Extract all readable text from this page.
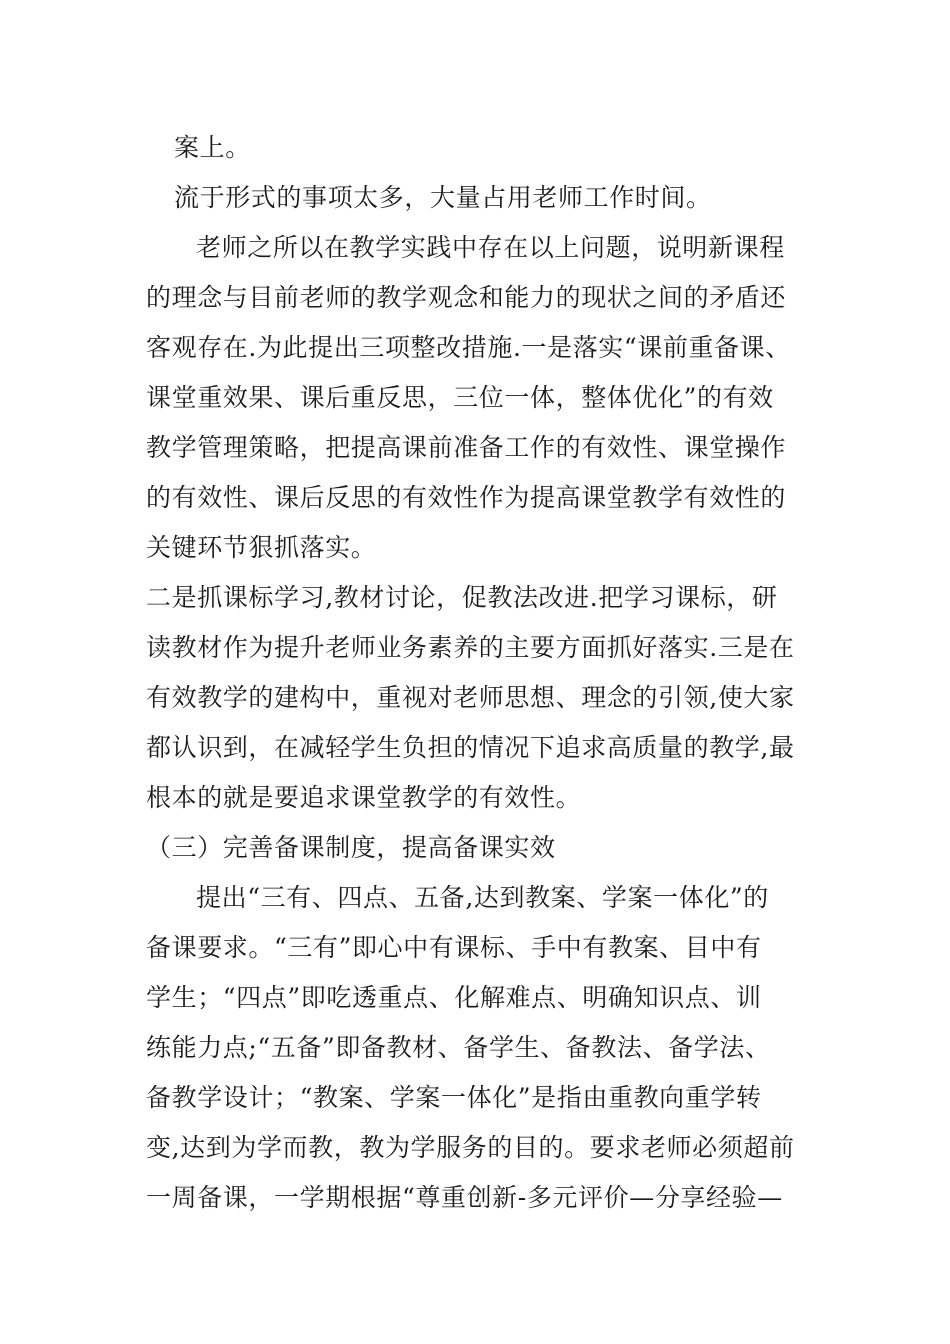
案上。
流于形式的事项太多，大量占用老师工作时间。
老师之所以在教学实践中存在以上问题，说明新课程
的理念与目前老师的教学观念和能力的现状之间的矛盾还
客观存在.为此提出三项整改措施.一是落实“课前重备课、
课堂重效果、课后重反思，三位一体，整体优化”的有效
教学管理策略，把提高课前准备工作的有效性、课堂操作
的有效性、课后反思的有效性作为提高课堂教学有效性的
关键环节狠抓落实。
二是抓课标学习,教材讨论，促教法改进.把学习课标，研
读教材作为提升老师业务素养的主要方面抓好落实.三是在
有效教学的建构中，重视对老师思想、理念的引领,使大家
都认识到，在减轻学生负担的情况下追求高质量的教学,最
根本的就是要追求课堂教学的有效性。
（三）完善备课制度，提高备课实效
提出“三有、四点、五备,达到教案、学案一体化”的
备课要求。“三有”即心中有课标、手中有教案、目中有
学生；“四点”即吃透重点、化解难点、明确知识点、训
练能力点;“五备”即备教材、备学生、备教法、备学法、
备教学设计；“教案、学案一体化”是指由重教向重学转
变,达到为学而教，教为学服务的目的。要求老师必须超前
一周备课，一学期根据“尊重创新-多元评价—分享经验—
